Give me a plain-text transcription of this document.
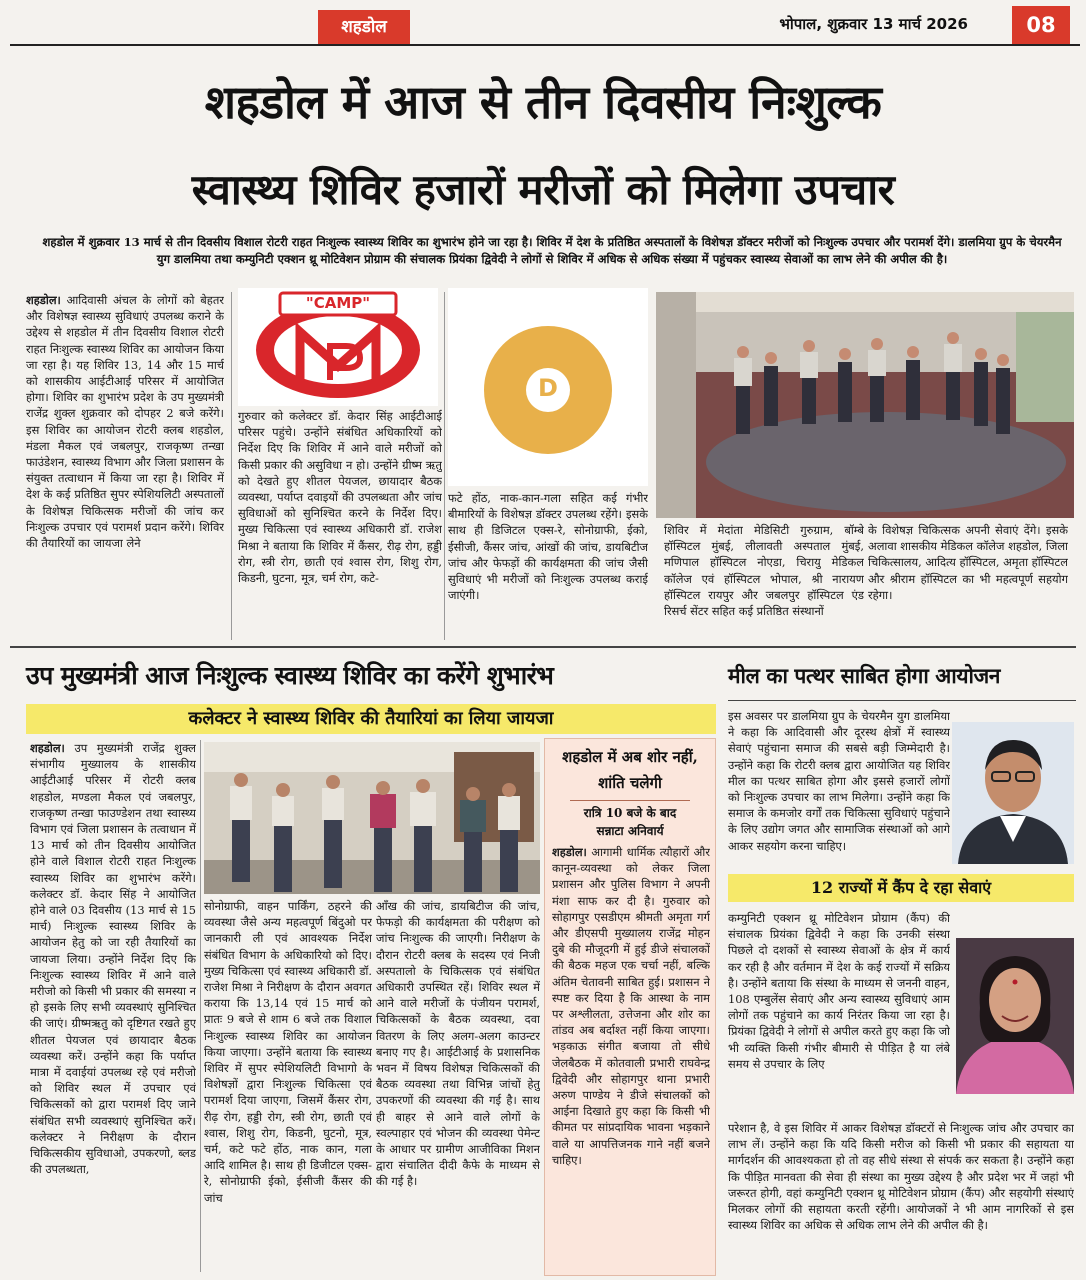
शहडोल	भोपाल, शुक्रवार 13 मार्च 2026	08
शहडोल में आज से तीन दिवसीय निःशुल्क
स्वास्थ्य शिविर हजारों मरीजों को मिलेगा उपचार
शहडोल में शुक्रवार 13 मार्च से तीन दिवसीय विशाल रोटरी राहत निःशुल्क स्वास्थ्य शिविर का शुभारंभ होने जा रहा है। शिविर में देश के प्रतिष्ठित अस्पतालों के विशेषज्ञ डॉक्टर मरीजों को निःशुल्क उपचार और परामर्श देंगे। डालमिया ग्रुप के चेयरमैन युग डालमिया तथा कम्युनिटी एक्शन थ्रू मोटिवेशन प्रोग्राम की संचालक प्रियंका द्विवेदी ने लोगों से शिविर में अधिक से अधिक संख्या में पहुंचकर स्वास्थ्य सेवाओं का लाभ लेने की अपील की है।
शहडोल। आदिवासी अंचल के लोगों को बेहतर और विशेषज्ञ स्वास्थ्य सुविधाएं उपलब्ध कराने के उद्देश्य से शहडोल में तीन दिवसीय विशाल रोटरी राहत निःशुल्क स्वास्थ्य शिविर का आयोजन किया जा रहा है। यह शिविर 13, 14 और 15 मार्च को शासकीय आईटीआई परिसर में आयोजित होगा। शिविर का शुभारंभ प्रदेश के उप मुख्यमंत्री राजेंद्र शुक्ल शुक्रवार को दोपहर 2 बजे करेंगे। इस शिविर का आयोजन रोटरी क्लब शहडोल, मंडला मैकल एवं जबलपुर, राजकृष्ण तन्खा फाउंडेशन, स्वास्थ्य विभाग और जिला प्रशासन के संयुक्त तत्वाधान में किया जा रहा है। शिविर में देश के कई प्रतिष्ठित सुपर स्पेशियलिटी अस्पतालों के विशेषज्ञ चिकित्सक मरीजों की जांच कर निःशुल्क उपचार एवं परामर्श प्रदान करेंगे। शिविर की तैयारियों का जायजा लेने
"CAMP"
D
गुरुवार को कलेक्टर डॉ. केदार सिंह आईटीआई परिसर पहुंचे। उन्होंने संबंधित अधिकारियों को निर्देश दिए कि शिविर में आने वाले मरीजों को किसी प्रकार की असुविधा न हो। उन्होंने ग्रीष्म ऋतु को देखते हुए शीतल पेयजल, छायादार बैठक व्यवस्था, पर्याप्त दवाइयों की उपलब्धता और जांच सुविधाओं को सुनिश्चित करने के निर्देश दिए। मुख्य चिकित्सा एवं स्वास्थ्य अधिकारी डॉ. राजेश मिश्रा ने बताया कि शिविर में कैंसर, रीढ़ रोग, हड्डी रोग, स्त्री रोग, छाती एवं श्वास रोग, शिशु रोग, किडनी, घुटना, मूत्र, चर्म रोग, कटे-
फटे होंठ, नाक-कान-गला सहित कई गंभीर बीमारियों के विशेषज्ञ डॉक्टर उपलब्ध रहेंगे। इसके साथ ही डिजिटल एक्स-रे, सोनोग्राफी, ईको, ईसीजी, कैंसर जांच, आंखों की जांच, डायबिटीज जांच और फेफड़ों की कार्यक्षमता की जांच जैसी सुविधाएं भी मरीजों को निःशुल्क उपलब्ध कराई जाएंगी।
शिविर में मेदांता मेडिसिटी गुरुग्राम, बॉम्बे हॉस्पिटल मुंबई, लीलावती अस्पताल मुंबई, मणिपाल हॉस्पिटल नोएडा, चिरायु मेडिकल कॉलेज एवं हॉस्पिटल भोपाल, श्री नारायण हॉस्पिटल रायपुर और जबलपुर हॉस्पिटल एंड रिसर्च सेंटर सहित कई प्रतिष्ठित संस्थानों
के विशेषज्ञ चिकित्सक अपनी सेवाएं देंगे। इसके अलावा शासकीय मेडिकल कॉलेज शहडोल, जिला चिकित्सालय, आदित्य हॉस्पिटल, अमृता हॉस्पिटल और श्रीराम हॉस्पिटल का भी महत्वपूर्ण सहयोग रहेगा।
उप मुख्यमंत्री आज निःशुल्क स्वास्थ्य शिविर का करेंगे शुभारंभ
कलेक्टर ने स्वास्थ्य शिविर की तैयारियां का लिया जायजा
शहडोल। उप मुख्यमंत्री राजेंद्र शुक्ल संभागीय मुख्यालय के शासकीय आईटीआई परिसर में रोटरी क्लब शहडोल, मण्डला मैकल एवं जबलपुर, राजकृष्ण तन्खा फाउण्डेशन तथा स्वास्थ्य विभाग एवं जिला प्रशासन के तत्वाधान में 13 मार्च को तीन दिवसीय आयोजित होने वाले विशाल रोटरी राहत निःशुल्क स्वास्थ्य शिविर का शुभारंभ करेंगे। कलेक्टर डॉ. केदार सिंह ने आयोजित होने वाले 03 दिवसीय (13 मार्च से 15 मार्च) निःशुल्क स्वास्थ्य शिविर के आयोजन हेतु को जा रही तैयारियों का जायजा लिया। उन्होंने निर्देश दिए कि निःशुल्क स्वास्थ्य शिविर में आने वाले मरीजो को किसी भी प्रकार की समस्या न हो इसके लिए सभी व्यवस्थाएं सुनिश्चित की जाएं। ग्रीष्मऋतु को दृष्टिगत रखते हुए शीतल पेयजल एवं छायादार बैठक व्यवस्था करें। उन्होंने कहा कि पर्याप्त मात्रा में दवाईयां उपलब्ध रहे एवं मरीजो को शिविर स्थल में उपचार एवं चिकित्सकों को द्वारा परामर्श दिए जाने संबंधित सभी व्यवस्थाएं सुनिश्चित करें। कलेक्टर ने निरीक्षण के दौरान चिकित्सकीय सुविधाओ, उपकरणो, ब्लड की उपलब्धता,
सोनोग्राफी, वाहन पार्किंग, ठहरने की व्यवस्था जैसे अन्य महत्वपूर्ण बिंदुओ पर जानकारी ली एवं आवश्यक निर्देश संबंधित विभाग के अधिकारियो को दिए। मुख्य चिकित्सा एवं स्वास्थ्य अधिकारी डॉ. राजेश मिश्रा ने निरीक्षण के दौरान अवगत कराया कि 13,14 एवं 15 मार्च को प्रातः 9 बजे से शाम 6 बजे तक विशाल निःशुल्क स्वास्थ्य शिविर का आयोजन किया जाएगा। उन्होंने बताया कि स्वास्थ्य शिविर में सुपर स्पेशियलिटी विभागो के विशेषज्ञों द्वारा निःशुल्क चिकित्सा एवं परामर्श दिया जाएगा, जिसमें कैंसर रोग, रीढ़ रोग, हड्डी रोग, स्त्री रोग, छाती एवं श्वास, शिशु रोग, किडनी, घुटनो, मूत्र, चर्म, कटे फटे होंठ, नाक कान, गला आदि शामिल है। साथ ही डिजीटल एक्स-रे, सोनोग्राफी ईको, ईसीजी कैंसर की जांच
आँख की जांच, डायबिटीज की जांच, फेफड़ो की कार्यक्षमता की परीक्षण को जांच निःशुल्क की जाएगी। निरीक्षण के दौरान रोटरी क्लब के सदस्य एवं निजी अस्पतालो के चिकित्सक एवं संबंधित अधिकारी उपस्थित रहें। शिविर स्थल में आने वाले मरीजों के पंजीयन परामर्श, चिकित्सकों के बैठक व्यवस्था, दवा वितरण के लिए अलग-अलग काउन्टर बनाए गए है। आईटीआई के प्रशासनिक भवन में विषय विशेषज्ञ चिकित्सकों की बैठक व्यवस्था तथा विभिन्न जांचों हेतु उपकरणों की व्यवस्था की गई है। साथ ही बाहर से आने वाले लोगों के स्वल्पाहार एवं भोजन की व्यवस्था पेमेन्ट के आधार पर ग्रामीण आजीविका मिशन द्वारा संचालित दीदी कैफे के माध्यम से की गई है।
शहडोल में अब शोर नहीं, शांति चलेगी
रात्रि 10 बजे के बाद
सन्नाटा अनिवार्य
शहडोल। आगामी धार्मिक त्यौहारों और कानून-व्यवस्था को लेकर जिला प्रशासन और पुलिस विभाग ने अपनी मंशा साफ कर दी है। गुरुवार को सोहागपुर एसडीएम श्रीमती अमृता गर्ग और डीएसपी मुख्यालय राजेंद्र मोहन दुबे की मौजूदगी में हुई डीजे संचालकों की बैठक महज एक चर्चा नहीं, बल्कि अंतिम चेतावनी साबित हुई। प्रशासन ने स्पष्ट कर दिया है कि आस्था के नाम पर अश्लीलता, उत्तेजना और शोर का तांडव अब बर्दाश्त नहीं किया जाएगा। भड़काऊ संगीत बजाया तो सीधे जेलबैठक में कोतवाली प्रभारी राघवेन्द्र द्विवेदी और सोहागपुर थाना प्रभारी अरुण पाण्डेय ने डीजे संचालकों को आईना दिखाते हुए कहा कि किसी भी कीमत पर सांप्रदायिक भावना भड़काने वाले या आपत्तिजनक गाने नहीं बजने चाहिए।
मील का पत्थर साबित होगा आयोजन
इस अवसर पर डालमिया ग्रुप के चेयरमैन युग डालमिया ने कहा कि आदिवासी और दूरस्थ क्षेत्रों में स्वास्थ्य सेवाएं पहुंचाना समाज की सबसे बड़ी जिम्मेदारी है। उन्होंने कहा कि रोटरी क्लब द्वारा आयोजित यह शिविर मील का पत्थर साबित होगा और इससे हजारों लोगों को निःशुल्क उपचार का लाभ मिलेगा। उन्होंने कहा कि समाज के कमजोर वर्गों तक चिकित्सा सुविधाएं पहुंचाने के लिए उद्योग जगत और सामाजिक संस्थाओं को आगे आकर सहयोग करना चाहिए।
12 राज्यों में कैंप दे रहा सेवाएं
कम्युनिटी एक्शन थ्रू मोटिवेशन प्रोग्राम (कैंप) की संचालक प्रियंका द्विवेदी ने कहा कि उनकी संस्था पिछले दो दशकों से स्वास्थ्य सेवाओं के क्षेत्र में कार्य कर रही है और वर्तमान में देश के कई राज्यों में सक्रिय है। उन्होंने बताया कि संस्था के माध्यम से जननी वाहन, 108 एम्बुलेंस सेवाएं और अन्य स्वास्थ्य सुविधाएं आम लोगों तक पहुंचाने का कार्य निरंतर किया जा रहा है। प्रियंका द्विवेदी ने लोगों से अपील करते हुए कहा कि जो भी व्यक्ति किसी गंभीर बीमारी से पीड़ित है या लंबे समय से उपचार के लिए
परेशान है, वे इस शिविर में आकर विशेषज्ञ डॉक्टरों से निःशुल्क जांच और उपचार का लाभ लें। उन्होंने कहा कि यदि किसी मरीज को किसी भी प्रकार की सहायता या मार्गदर्शन की आवश्यकता हो तो वह सीधे संस्था से संपर्क कर सकता है। उन्होंने कहा कि पीड़ित मानवता की सेवा ही संस्था का मुख्य उद्देश्य है और प्रदेश भर में जहां भी जरूरत होगी, वहां कम्युनिटी एक्शन थ्रू मोटिवेशन प्रोग्राम (कैंप) और सहयोगी संस्थाएं मिलकर लोगों की सहायता करती रहेंगी। आयोजकों ने भी आम नागरिकों से इस स्वास्थ्य शिविर का अधिक से अधिक लाभ लेने की अपील की है।
